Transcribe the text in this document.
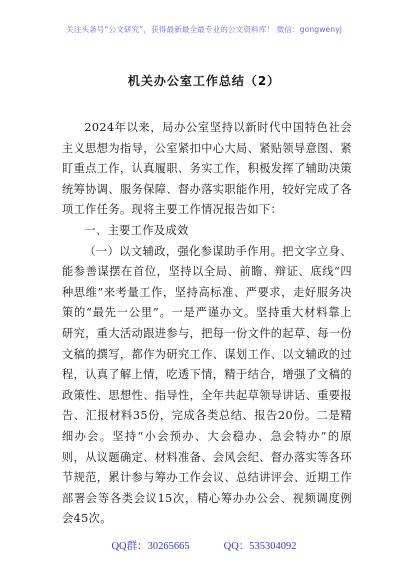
关注头条号“公文研究”，获得最新最全最专业的公文资料库！ 微信：gongwenyj
机关办公室工作总结（2）

2024年以来，局办公室坚持以新时代中国特色社会主义思想为指导，公室紧扣中心大局、紧贴领导意图、紧盯重点工作，认真履职、务实工作，积极发挥了辅助决策统筹协调、服务保障、督办落实职能作用，较好完成了各项工作任务。现将主要工作情况报告如下：

一、主要工作及成效

（一）以文辅政，强化参谋助手作用。把文字立身、能参善谋摆在首位，坚持以全局、前瞻、辩证、底线“四种思维”来考量工作，坚持高标准、严要求，走好服务决策的“最先一公里”。一是严谨办文。坚持重大材料靠上研究，重大活动跟进参与，把每一份文件的起草、每一份文稿的撰写，都作为研究工作、谋划工作、以文辅政的过程，认真了解上情，吃透下情，精于结合，增强了文稿的政策性、思想性、指导性，全年共起草领导讲话、重要报告、汇报材料35份，完成各类总结、报告20份。二是精细办会。坚持“小会预办、大会稳办、急会特办”的原则，从议题确定、材料准备、会风会纪、督办落实等各环节规范，累计参与筹办工作会议、总结讲评会、近期工作部署会等各类会议15次，精心筹办办公会、视频调度例会45次。

QQ群：30265665	QQ：535304092
